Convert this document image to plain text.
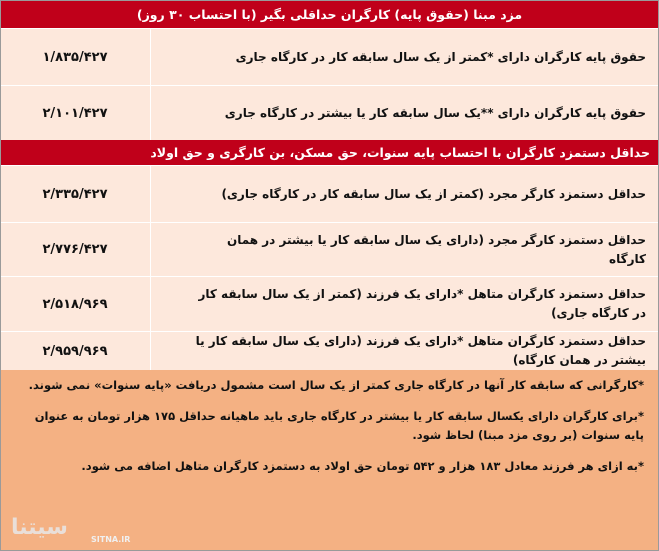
مزد مبنا (حقوق پایه) کارگران حداقلی بگیر (با احتساب ۳۰ روز)
حقوق پایه کارگران دارای *کمتر از یک سال سابقه کار در کارگاه جاری
۱/۸۳۵/۴۲۷
حقوق پایه کارگران دارای **یک سال سابقه کار یا بیشتر در کارگاه جاری
۲/۱۰۱/۴۲۷
حداقل دستمزد کارگران با احتساب پایه سنوات، حق مسکن، بن کارگری و حق اولاد
حداقل دستمزد کارگر مجرد (کمتر از یک سال سابقه کار در کارگاه جاری)
۲/۳۳۵/۴۲۷
حداقل دستمزد کارگر مجرد (دارای یک سال سابقه کار یا بیشتر در همان کارگاه
۲/۷۷۶/۴۲۷
حداقل دستمزد کارگران متاهل *دارای یک فرزند (کمتر از یک سال سابقه کار در کارگاه جاری)
۲/۵۱۸/۹۶۹
حداقل دستمزد کارگران متاهل *دارای یک فرزند (دارای یک سال سابقه کار یا بیشتر در همان کارگاه)
۲/۹۵۹/۹۶۹

*کارگرانی که سابقه کار آنها در کارگاه جاری کمتر از یک سال است مشمول دریافت «پایه سنوات» نمی شوند.

*برای کارگران دارای یکسال سابقه کار یا بیشتر در کارگاه جاری باید ماهیانه حداقل ۱۷۵ هزار تومان به عنوان پایه سنوات (بر روی مزد مبنا) لحاظ شود.

*به ازای هر فرزند معادل ۱۸۳ هزار و ۵۴۲ تومان حق اولاد به دستمزد کارگران متاهل اضافه می شود.

سیتنا	SITNA.IR
